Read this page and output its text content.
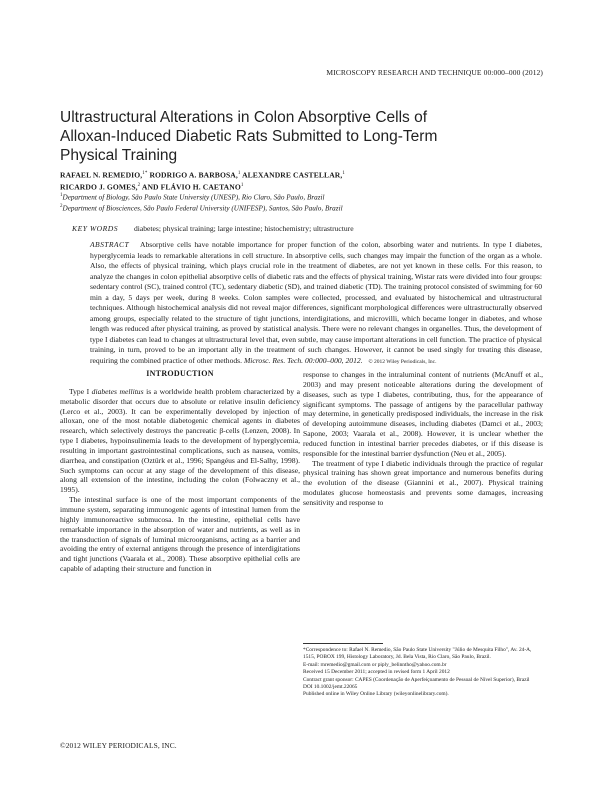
MICROSCOPY RESEARCH AND TECHNIQUE 00:000–000 (2012)
Ultrastructural Alterations in Colon Absorptive Cells of Alloxan-Induced Diabetic Rats Submitted to Long-Term Physical Training
RAFAEL N. REMEDIO,$^{1*}$ RODRIGO A. BARBOSA,$^1$ ALEXANDRE CASTELLAR,$^1$
RICARDO J. GOMES,$^2$ AND FLÁVIO H. CAETANO$^1$
$^1$Department of Biology, São Paulo State University (UNESP), Rio Claro, São Paulo, Brazil
$^2$Department of Biosciences, São Paulo Federal University (UNIFESP), Santos, São Paulo, Brazil
KEY WORDS diabetes; physical training; large intestine; histochemistry; ultrastructure
ABSTRACT Absorptive cells have notable importance for proper function of the colon, absorbing water and nutrients. In type I diabetes, hyperglycemia leads to remarkable alterations in cell structure. In absorptive cells, such changes may impair the function of the organ as a whole. Also, the effects of physical training, which plays crucial role in the treatment of diabetes, are not yet known in these cells. For this reason, to analyze the changes in colon epithelial absorptive cells of diabetic rats and the effects of physical training, Wistar rats were divided into four groups: sedentary control (SC), trained control (TC), sedentary diabetic (SD), and trained diabetic (TD). The training protocol consisted of swimming for 60 min a day, 5 days per week, during 8 weeks. Colon samples were collected, processed, and evaluated by histochemical and ultrastructural techniques. Although histochemical analysis did not reveal major differences, significant morphological differences were ultrastructurally observed among groups, especially related to the structure of tight junctions, interdigitations, and microvilli, which became longer in diabetes, and whose length was reduced after physical training, as proved by statistical analysis. There were no relevant changes in organelles. Thus, the development of type I diabetes can lead to changes at ultrastructural level that, even subtle, may cause important alterations in cell function. The practice of physical training, in turn, proved to be an important ally in the treatment of such changes. However, it cannot be used singly for treating this disease, requiring the combined practice of other methods. Microsc. Res. Tech. 00:000–000, 2012. © 2012 Wiley Periodicals, Inc.
INTRODUCTION

Type I diabetes mellitus is a worldwide health problem characterized by a metabolic disorder that occurs due to absolute or relative insulin deficiency (Lerco et al., 2003). It can be experimentally developed by injection of alloxan, one of the most notable diabetogenic chemical agents in diabetes research, which selectively destroys the pancreatic β-cells (Lenzen, 2008). In type I diabetes, hypoinsulinemia leads to the development of hyperglycemia, resulting in important gastrointestinal complications, such as nausea, vomits, diarrhea, and constipation (Oztürk et al., 1996; Spangéus and El-Salhy, 1998). Such symptoms can occur at any stage of the development of this disease, along all extension of the intestine, including the colon (Folwaczny et al., 1995).

The intestinal surface is one of the most important components of the immune system, separating immunogenic agents of intestinal lumen from the highly immunoreactive submucosa. In the intestine, epithelial cells have remarkable importance in the absorption of water and nutrients, as well as in the transduction of signals of luminal microorganisms, acting as a barrier and avoiding the entry of external antigens through the presence of interdigitations and tight junctions (Vaarala et al., 2008). These absorptive epithelial cells are capable of adapting their structure and function in

response to changes in the intraluminal content of nutrients (McAnuff et al., 2003) and may present noticeable alterations during the development of diseases, such as type I diabetes, contributing, thus, for the appearance of significant symptoms. The passage of antigens by the paracellular pathway may determine, in genetically predisposed individuals, the increase in the risk of developing autoimmune diseases, including diabetes (Damci et al., 2003; Sapone, 2003; Vaarala et al., 2008). However, it is unclear whether the reduced function in intestinal barrier precedes diabetes, or if this disease is responsible for the intestinal barrier dysfunction (Neu et al., 2005).

The treatment of type I diabetic individuals through the practice of regular physical training has shown great importance and numerous benefits during the evolution of the disease (Giannini et al., 2007). Physical training modulates glucose homeostasis and prevents some damages, increasing sensitivity and response to

*Correspondence to: Rafael N. Remedio, São Paulo State University "Júlio de Mesquita Filho", Av. 24-A, 1515, POBOX 199, Histology Laboratory, Jd. Bela Vista, Rio Claro, São Paulo, Brazil.
E-mail: rnremedio@gmail.com or piply_belinntho@yahoo.com.br
Received 15 December 2011; accepted in revised form 1 April 2012
Contract grant sponsor: CAPES (Coordenação de Aperfeiçoamento de Pessoal de Nível Superior), Brazil
DOI 10.1002/jemt.22065
Published online in Wiley Online Library (wileyonlinelibrary.com).
©2012 WILEY PERIODICALS, INC.
